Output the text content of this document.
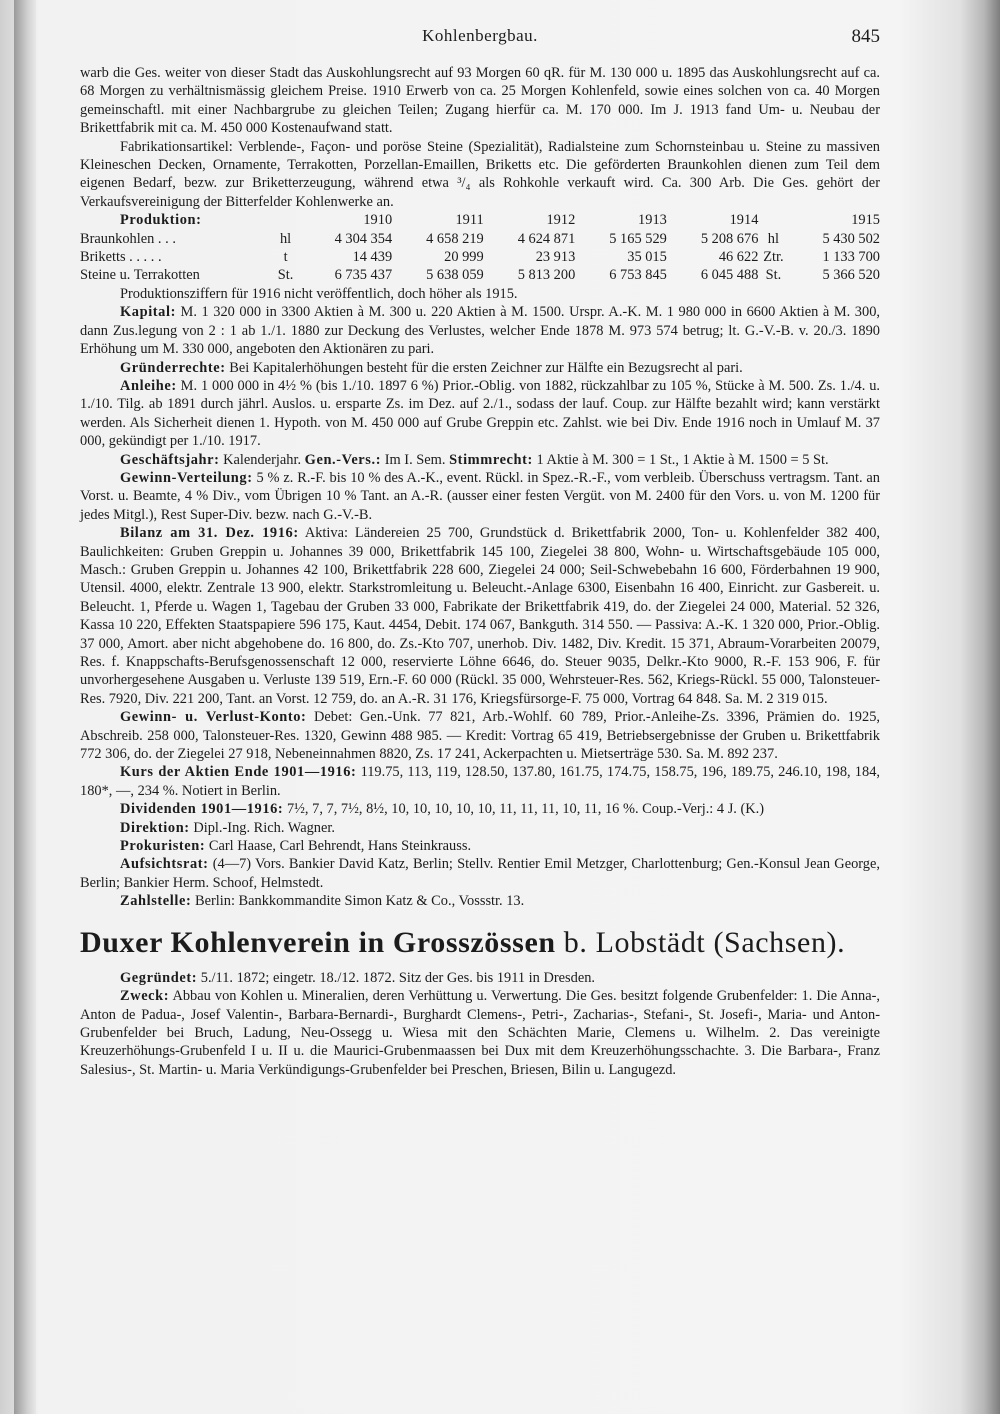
Kohlenbergbau.	845

warb die Ges. weiter von dieser Stadt das Auskohlungsrecht auf 93 Morgen 60 qR. für M. 130 000 u. 1895 das Auskohlungsrecht auf ca. 68 Morgen zu verhältnismässig gleichem Preise. 1910 Erwerb von ca. 25 Morgen Kohlenfeld, sowie eines solchen von ca. 40 Morgen gemeinschaftl. mit einer Nachbargrube zu gleichen Teilen; Zugang hierfür ca. M. 170 000. Im J. 1913 fand Um- u. Neubau der Brikettfabrik mit ca. M. 450 000 Kostenaufwand statt.

Fabrikationsartikel: Verblende-, Façon- und poröse Steine (Spezialität), Radialsteine zum Schornsteinbau u. Steine zu massiven Kleineschen Decken, Ornamente, Terrakotten, Porzellan-Emaillen, Briketts etc. Die geförderten Braunkohlen dienen zum Teil dem eigenen Bedarf, bezw. zur Briketterzeugung, während etwa ³/₄ als Rohkohle verkauft wird. Ca. 300 Arb. Die Ges. gehört der Verkaufsvereinigung der Bitterfelder Kohlenwerke an.

Produktion:		1910	1911	1912	1913	1914		1915
Braunkohlen . . .	hl	4 304 354	4 658 219	4 624 871	5 165 529	5 208 676	hl	5 430 502
Briketts . . . . .	t	14 439	20 999	23 913	35 015	46 622	Ztr.	1 133 700
Steine u. Terrakotten	St.	6 735 437	5 638 059	5 813 200	6 753 845	6 045 488	St.	5 366 520

Produktionsziffern für 1916 nicht veröffentlich, doch höher als 1915.

Kapital: M. 1 320 000 in 3300 Aktien à M. 300 u. 220 Aktien à M. 1500. Urspr. A.-K. M. 1 980 000 in 6600 Aktien à M. 300, dann Zus.legung von 2 : 1 ab 1./1. 1880 zur Deckung des Verlustes, welcher Ende 1878 M. 973 574 betrug; lt. G.-V.-B. v. 20./3. 1890 Erhöhung um M. 330 000, angeboten den Aktionären zu pari.

Gründerrechte: Bei Kapitalerhöhungen besteht für die ersten Zeichner zur Hälfte ein Bezugsrecht al pari.

Anleihe: M. 1 000 000 in 4½ % (bis 1./10. 1897 6 %) Prior.-Oblig. von 1882, rückzahlbar zu 105 %, Stücke à M. 500. Zs. 1./4. u. 1./10. Tilg. ab 1891 durch jährl. Auslos. u. ersparte Zs. im Dez. auf 2./1., sodass der lauf. Coup. zur Hälfte bezahlt wird; kann verstärkt werden. Als Sicherheit dienen 1. Hypoth. von M. 450 000 auf Grube Greppin etc. Zahlst. wie bei Div. Ende 1916 noch in Umlauf M. 37 000, gekündigt per 1./10. 1917.

Geschäftsjahr: Kalenderjahr. Gen.-Vers.: Im I. Sem. Stimmrecht: 1 Aktie à M. 300 = 1 St., 1 Aktie à M. 1500 = 5 St.

Gewinn-Verteilung: 5 % z. R.-F. bis 10 % des A.-K., event. Rückl. in Spez.-R.-F., vom verbleib. Überschuss vertragsm. Tant. an Vorst. u. Beamte, 4 % Div., vom Übrigen 10 % Tant. an A.-R. (ausser einer festen Vergüt. von M. 2400 für den Vors. u. von M. 1200 für jedes Mitgl.), Rest Super-Div. bezw. nach G.-V.-B.

Bilanz am 31. Dez. 1916: Aktiva: Ländereien 25 700, Grundstück d. Brikettfabrik 2000, Ton- u. Kohlenfelder 382 400, Baulichkeiten: Gruben Greppin u. Johannes 39 000, Brikettfabrik 145 100, Ziegelei 38 800, Wohn- u. Wirtschaftsgebäude 105 000, Masch.: Gruben Greppin u. Johannes 42 100, Brikettfabrik 228 600, Ziegelei 24 000; Seil-Schwebebahn 16 600, Förderbahnen 19 900, Utensil. 4000, elektr. Zentrale 13 900, elektr. Starkstromleitung u. Beleucht.-Anlage 6300, Eisenbahn 16 400, Einricht. zur Gasbereit. u. Beleucht. 1, Pferde u. Wagen 1, Tagebau der Gruben 33 000, Fabrikate der Brikettfabrik 419, do. der Ziegelei 24 000, Material. 52 326, Kassa 10 220, Effekten Staatspapiere 596 175, Kaut. 4454, Debit. 174 067, Bankguth. 314 550. — Passiva: A.-K. 1 320 000, Prior.-Oblig. 37 000, Amort. aber nicht abgehobene do. 16 800, do. Zs.-Kto 707, unerhob. Div. 1482, Div. Kredit. 15 371, Abraum-Vorarbeiten 20079, Res. f. Knappschafts-Berufsgenossenschaft 12 000, reservierte Löhne 6646, do. Steuer 9035, Delkr.-Kto 9000, R.-F. 153 906, F. für unvorhergesehene Ausgaben u. Verluste 139 519, Ern.-F. 60 000 (Rückl. 35 000, Wehrsteuer-Res. 562, Kriegs-Rückl. 55 000, Talonsteuer-Res. 7920, Div. 221 200, Tant. an Vorst. 12 759, do. an A.-R. 31 176, Kriegsfürsorge-F. 75 000, Vortrag 64 848. Sa. M. 2 319 015.

Gewinn- u. Verlust-Konto: Debet: Gen.-Unk. 77 821, Arb.-Wohlf. 60 789, Prior.-Anleihe-Zs. 3396, Prämien do. 1925, Abschreib. 258 000, Talonsteuer-Res. 1320, Gewinn 488 985. — Kredit: Vortrag 65 419, Betriebsergebnisse der Gruben u. Brikettfabrik 772 306, do. der Ziegelei 27 918, Nebeneinnahmen 8820, Zs. 17 241, Ackerpachten u. Mietserträge 530. Sa. M. 892 237.

Kurs der Aktien Ende 1901—1916: 119.75, 113, 119, 128.50, 137.80, 161.75, 174.75, 158.75, 196, 189.75, 246.10, 198, 184, 180*, —, 234 %. Notiert in Berlin.

Dividenden 1901—1916: 7½, 7, 7, 7½, 8½, 10, 10, 10, 10, 10, 11, 11, 11, 10, 11, 16 %. Coup.-Verj.: 4 J. (K.)

Direktion: Dipl.-Ing. Rich. Wagner.

Prokuristen: Carl Haase, Carl Behrendt, Hans Steinkrauss.

Aufsichtsrat: (4—7) Vors. Bankier David Katz, Berlin; Stellv. Rentier Emil Metzger, Charlottenburg; Gen.-Konsul Jean George, Berlin; Bankier Herm. Schoof, Helmstedt.

Zahlstelle: Berlin: Bankkommandite Simon Katz & Co., Vossstr. 13.

Duxer Kohlenverein in Grosszössen b. Lobstädt (Sachsen).

Gegründet: 5./11. 1872; eingetr. 18./12. 1872. Sitz der Ges. bis 1911 in Dresden.

Zweck: Abbau von Kohlen u. Mineralien, deren Verhüttung u. Verwertung. Die Ges. besitzt folgende Grubenfelder: 1. Die Anna-, Anton de Padua-, Josef Valentin-, Barbara-Bernardi-, Burghardt Clemens-, Petri-, Zacharias-, Stefani-, St. Josefi-, Maria- und Anton-Grubenfelder bei Bruch, Ladung, Neu-Ossegg u. Wiesa mit den Schächten Marie, Clemens u. Wilhelm. 2. Das vereinigte Kreuzerhöhungs-Grubenfeld I u. II u. die Maurici-Grubenmaassen bei Dux mit dem Kreuzerhöhungsschachte. 3. Die Barbara-, Franz Salesius-, St. Martin- u. Maria Verkündigungs-Grubenfelder bei Preschen, Briesen, Bilin u. Langugezd.
